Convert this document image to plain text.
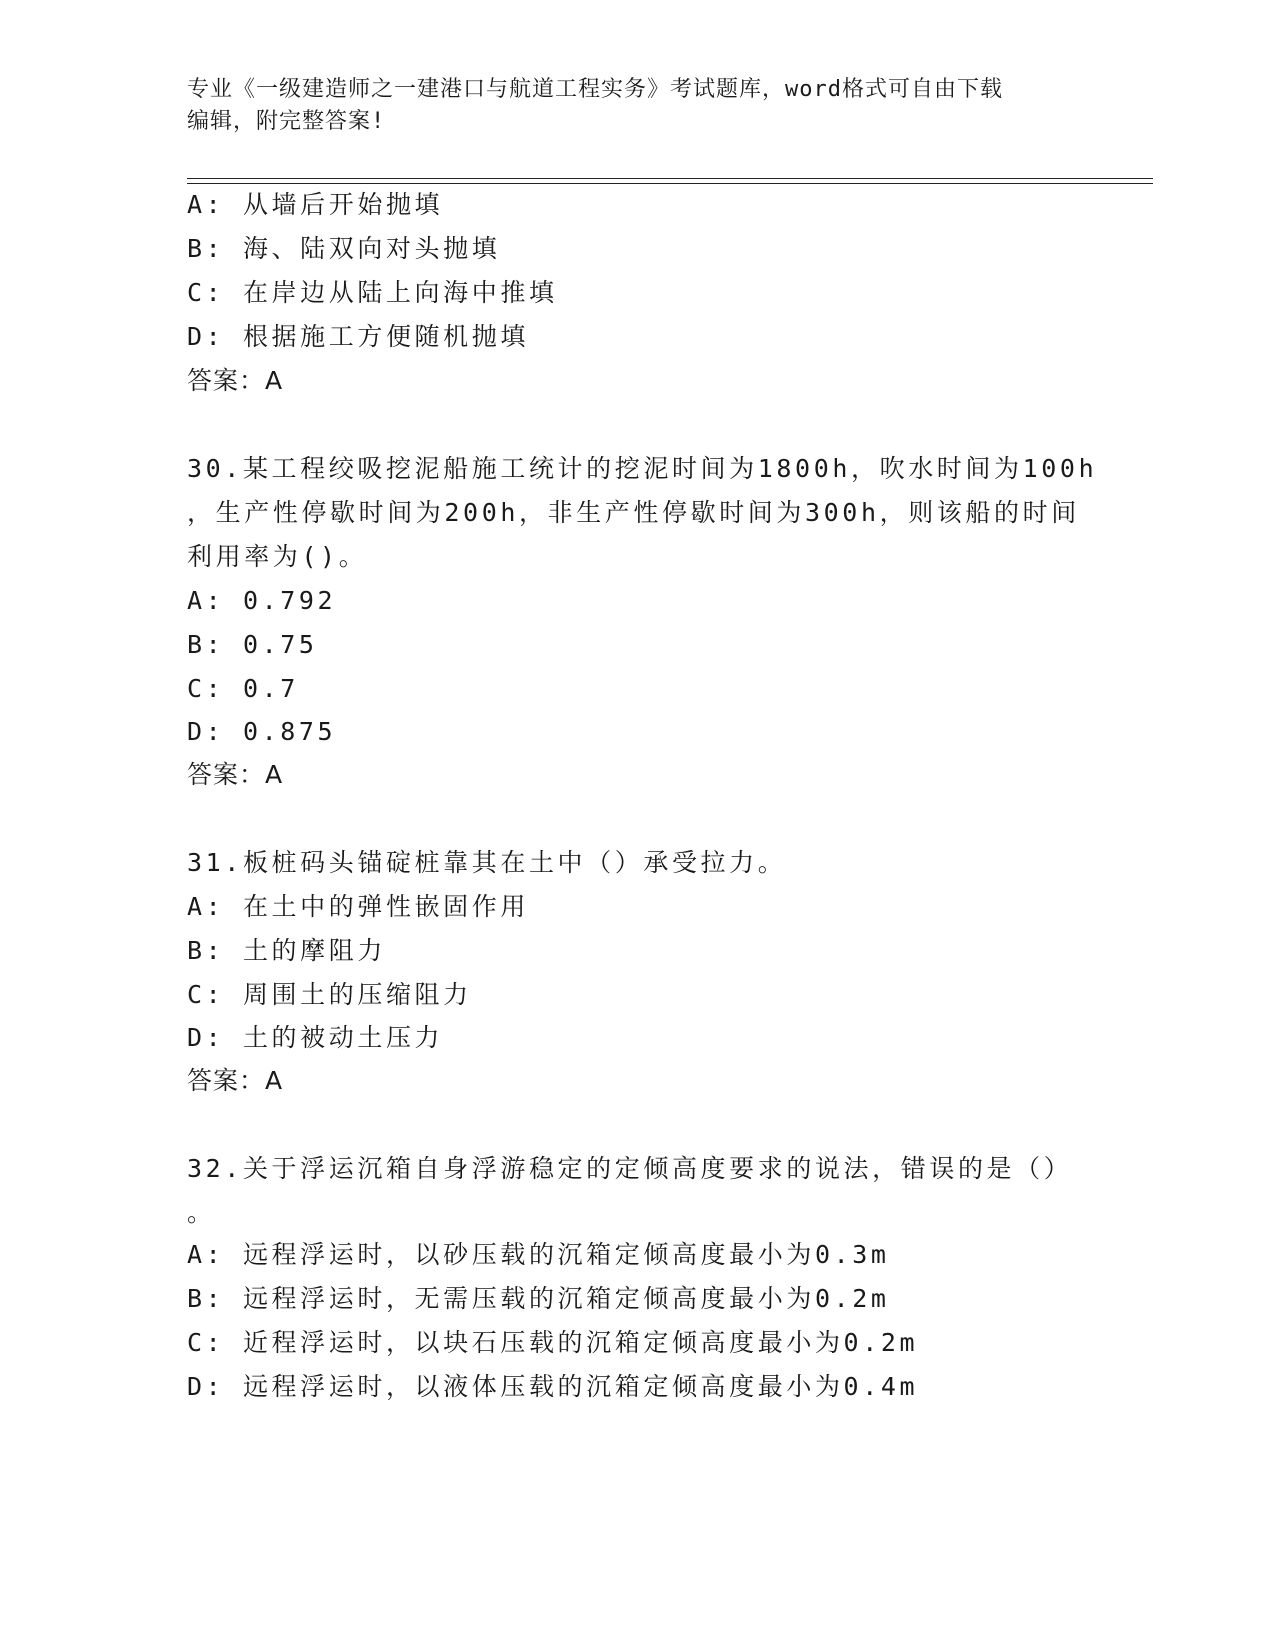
专业《一级建造师之一建港口与航道工程实务》考试题库，word格式可自由下载
编辑，附完整答案!
A: 从墙后开始抛填
B: 海、陆双向对头抛填
C: 在岸边从陆上向海中推填
D: 根据施工方便随机抛填
答案：A
30.某工程绞吸挖泥船施工统计的挖泥时间为1800h，吹水时间为100h
，生产性停歇时间为200h，非生产性停歇时间为300h，则该船的时间
利用率为()。
A: 0.792
B: 0.75
C: 0.7
D: 0.875
答案：A
31.板桩码头锚碇桩靠其在土中（）承受拉力。
A: 在土中的弹性嵌固作用
B: 土的摩阻力
C: 周围土的压缩阻力
D: 土的被动土压力
答案：A
32.关于浮运沉箱自身浮游稳定的定倾高度要求的说法，错误的是（）
。
A: 远程浮运时，以砂压载的沉箱定倾高度最小为0.3m
B: 远程浮运时，无需压载的沉箱定倾高度最小为0.2m
C: 近程浮运时，以块石压载的沉箱定倾高度最小为0.2m
D: 远程浮运时，以液体压载的沉箱定倾高度最小为0.4m
